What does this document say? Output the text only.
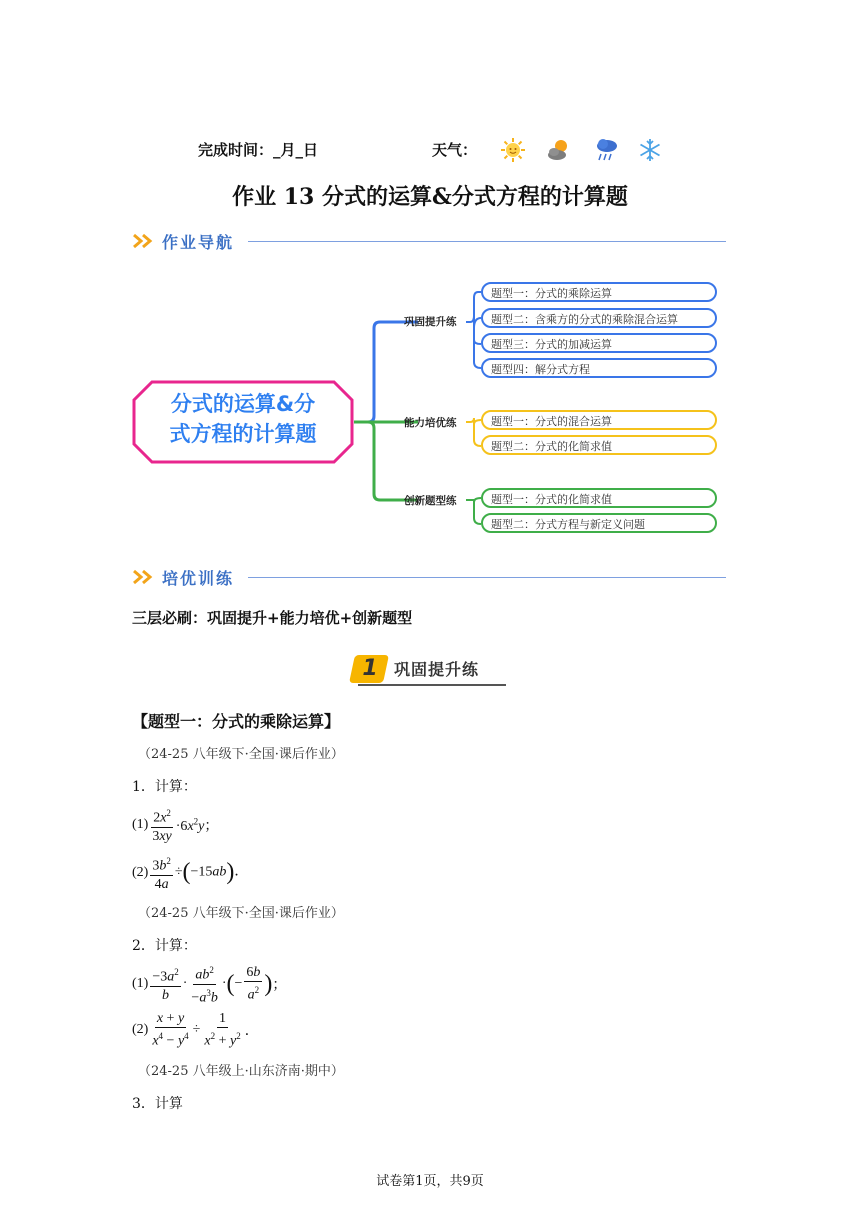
完成时间：_月_日	天气：
作业 13 分式的运算&分式方程的计算题
作业导航
分式的运算&分
式方程的计算题
巩固提升练
能力培优练
创新题型练
题型一：分式的乘除运算
题型二：含乘方的分式的乘除混合运算
题型三：分式的加减运算
题型四：解分式方程
题型一：分式的混合运算
题型二：分式的化简求值
题型一：分式的化简求值
题型二：分式方程与新定义问题
培优训练
三层必刷：巩固提升+能力培优+创新题型
1 巩固提升练
【题型一：分式的乘除运算】
（24-25 八年级下·全国·课后作业）
1．计算：
$(1) \frac{2x^2}{3xy} \cdot 6x^2y$；
$(2) \frac{3b^2}{4a} \div(-15ab)$．
（24-25 八年级下·全国·课后作业）
2．计算：
$(1) \frac{-3a^2}{b} \cdot \frac{ab^2}{-a^3b}$ · ( − $\frac{6b}{a^2}$ ) ；
$(2) \frac{x + y}{x^4 - y^4} \div \frac{1}{x^2 + y^2}$ ．
（24-25 八年级上·山东济南·期中）
3．计算
试卷第1页，共9页
